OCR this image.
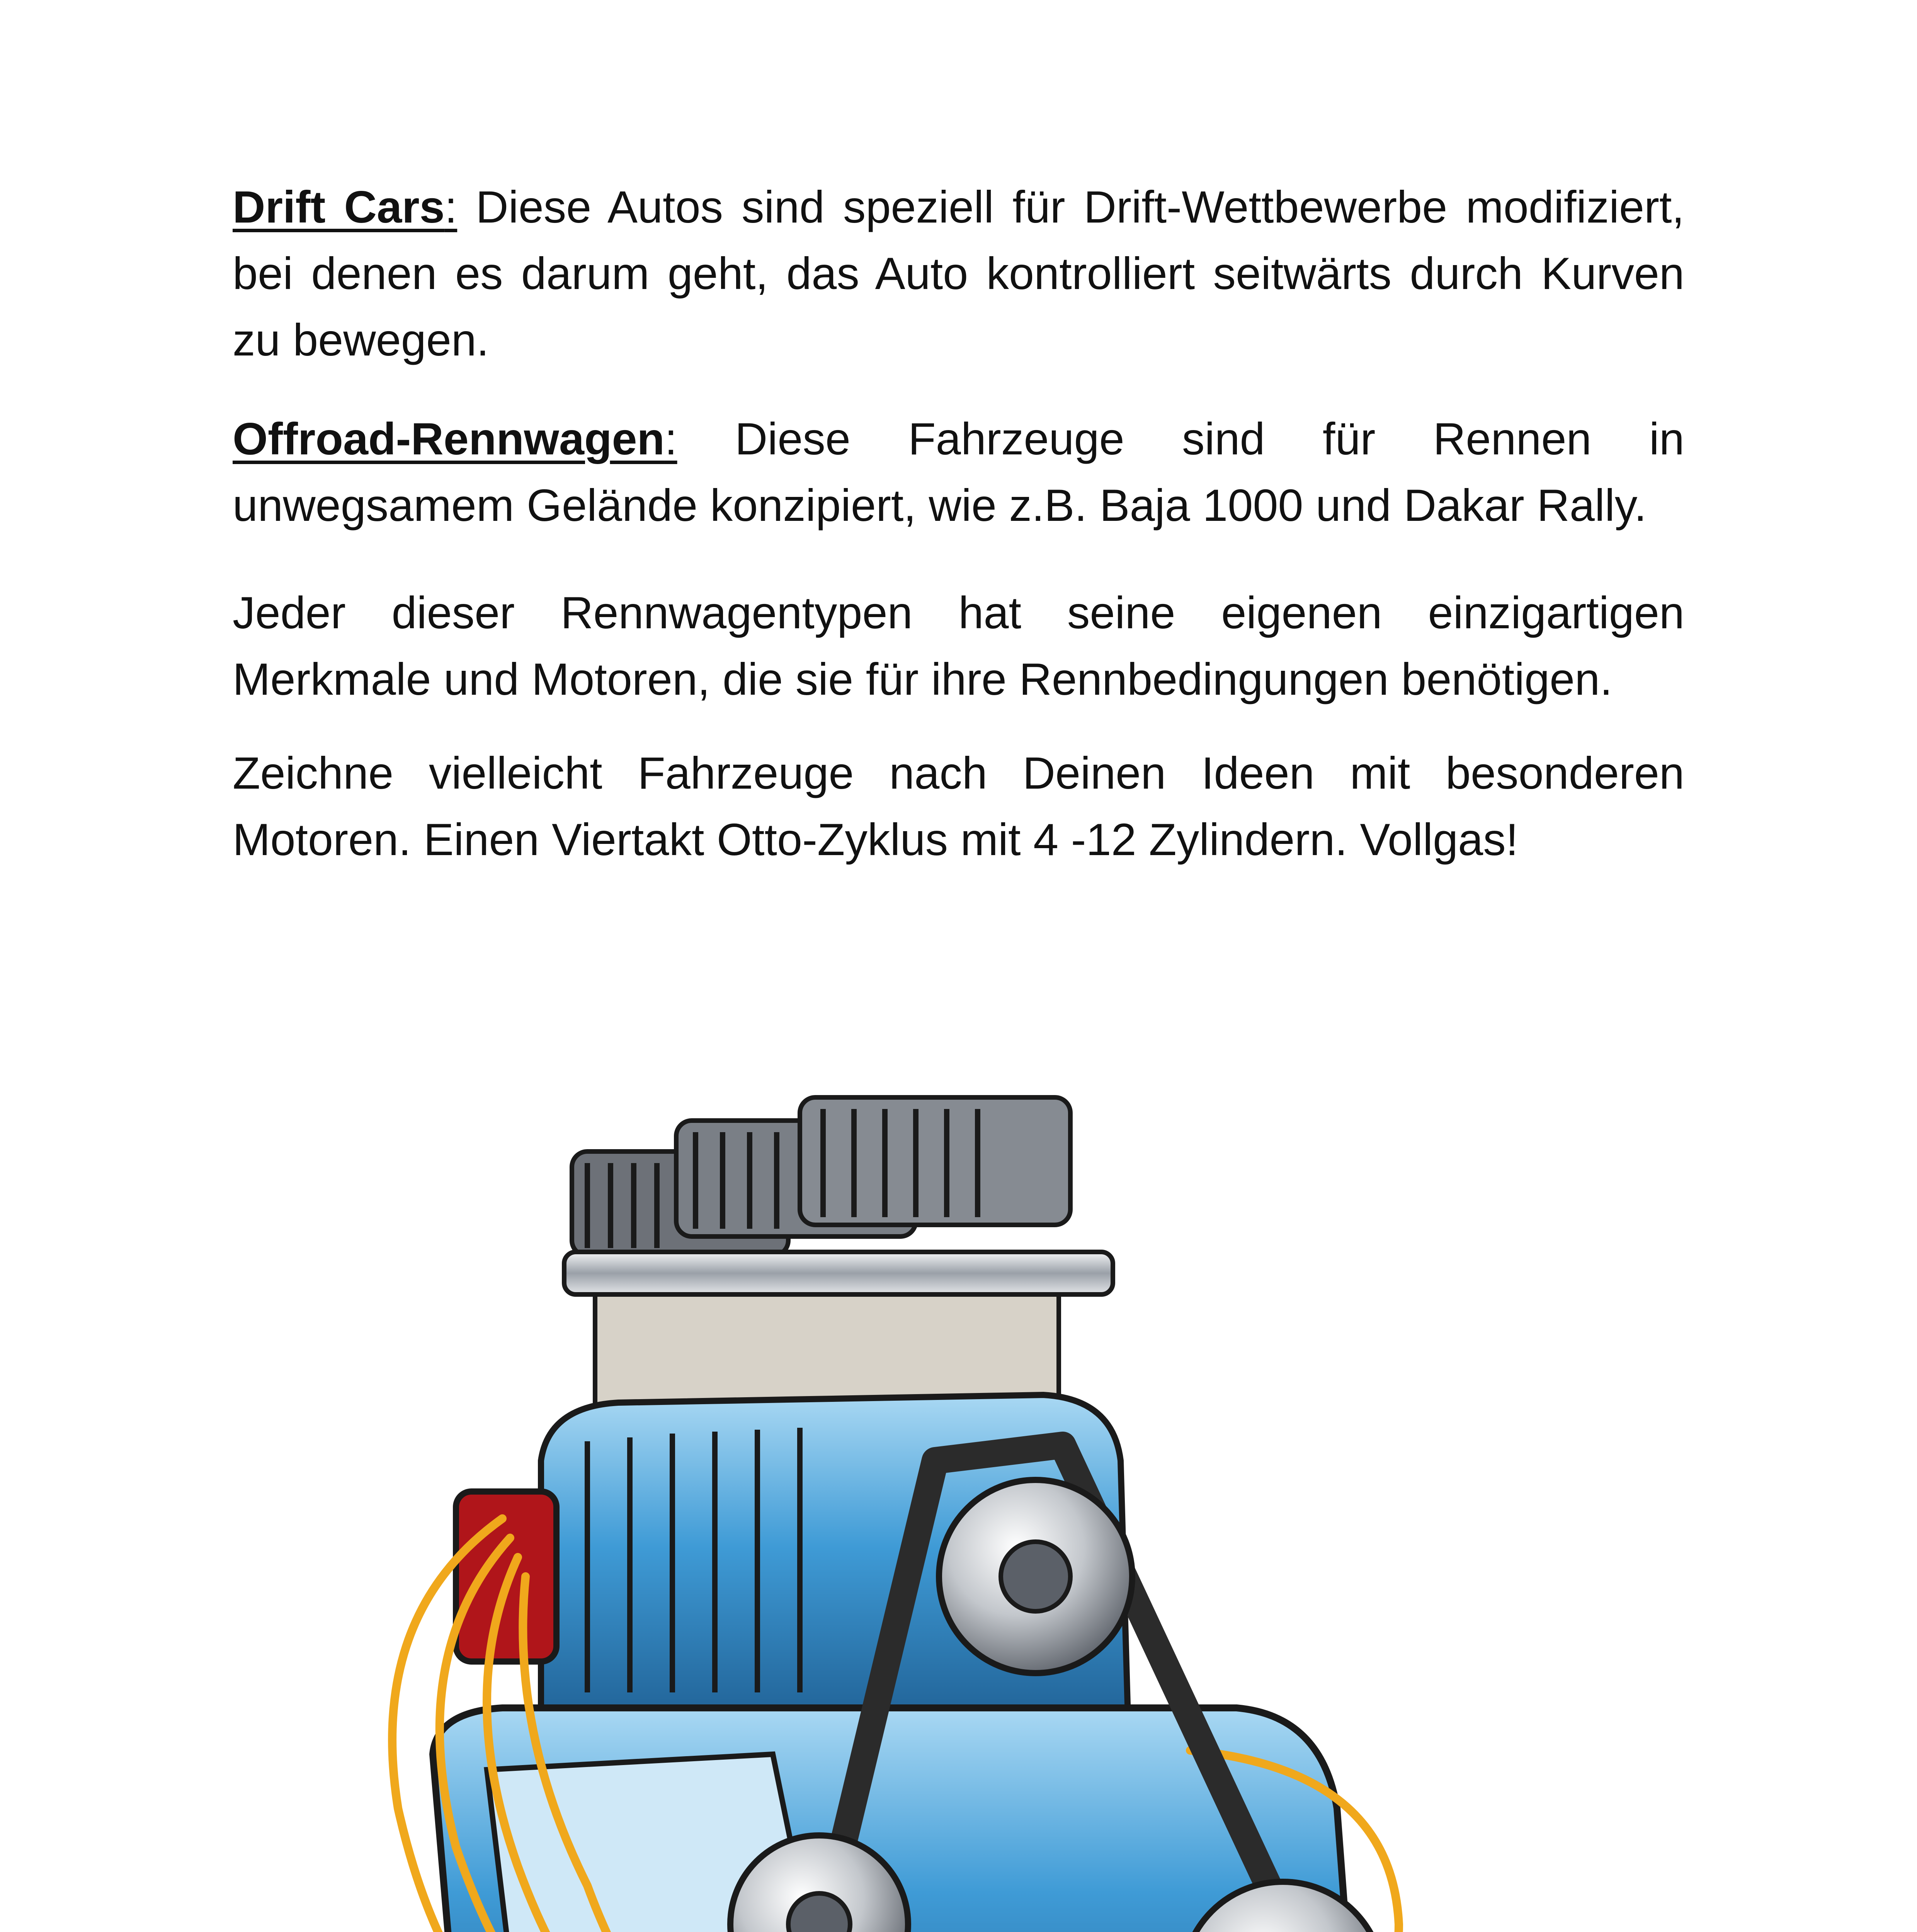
Drift Cars: Diese Autos sind speziell für Drift-Wettbewerbe modifiziert, bei denen es darum geht, das Auto kontrolliert seitwärts durch Kurven zu bewegen.

Offroad-Rennwagen: Diese Fahrzeuge sind für Rennen in unwegsamem Gelände konzipiert, wie z.B. Baja 1000 und Dakar Rally.

Jeder dieser Rennwagentypen hat seine eigenen einzigartigen Merkmale und Motoren, die sie für ihre Rennbedingungen benötigen.

Zeichne vielleicht Fahrzeuge nach Deinen Ideen mit besonderen Motoren. Einen Viertakt Otto-Zyklus mit 4 -12 Zylindern. Vollgas!
